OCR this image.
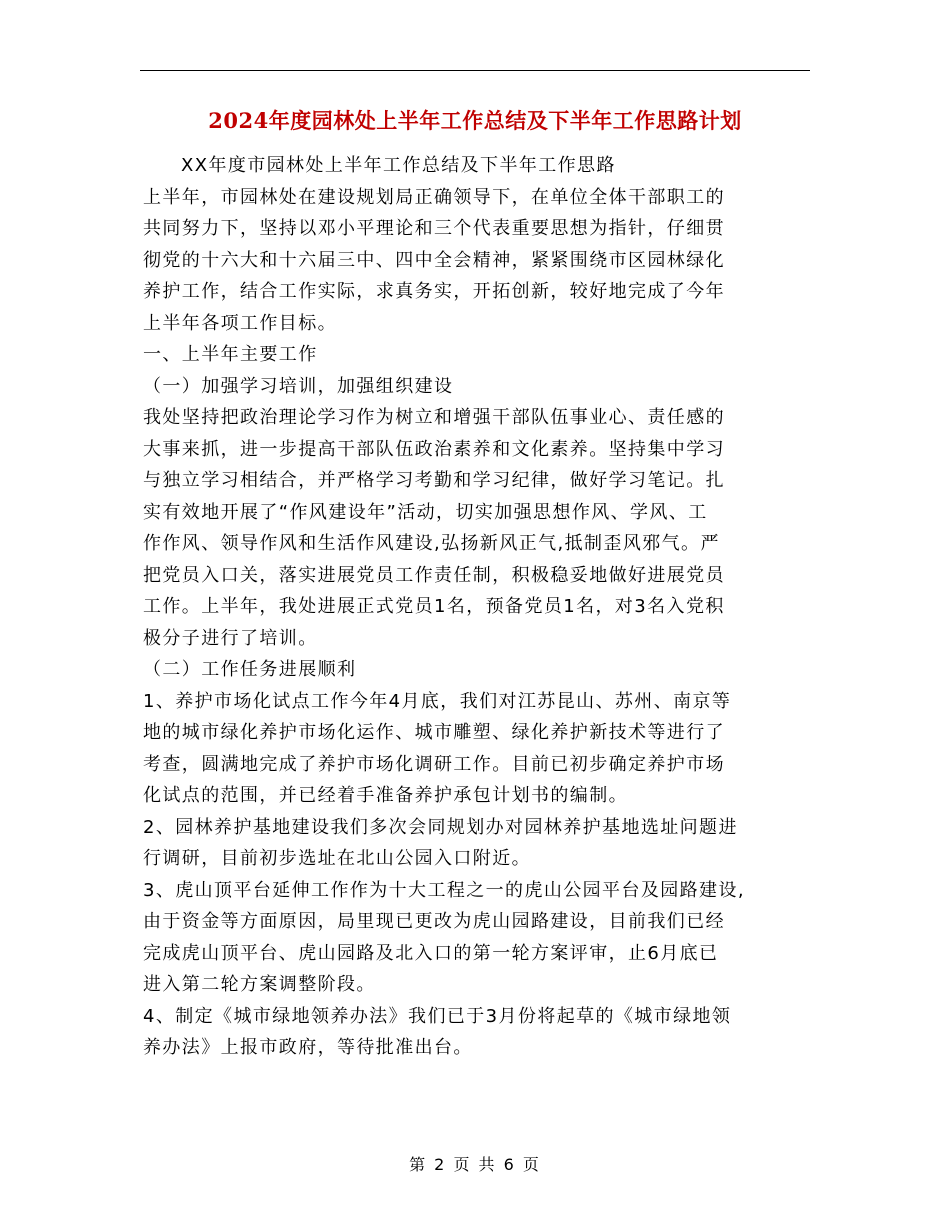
2024年度园林处上半年工作总结及下半年工作思路计划

XX年度市园林处上半年工作总结及下半年工作思路

上半年，市园林处在建设规划局正确领导下，在单位全体干部职工的

共同努力下，坚持以邓小平理论和三个代表重要思想为指针，仔细贯

彻党的十六大和十六届三中、四中全会精神，紧紧围绕市区园林绿化

养护工作，结合工作实际，求真务实，开拓创新，较好地完成了今年

上半年各项工作目标。

一、上半年主要工作

（一）加强学习培训，加强组织建设

我处坚持把政治理论学习作为树立和增强干部队伍事业心、责任感的

大事来抓，进一步提高干部队伍政治素养和文化素养。坚持集中学习

与独立学习相结合，并严格学习考勤和学习纪律，做好学习笔记。扎

实有效地开展了“作风建设年”活动，切实加强思想作风、学风、工

作作风、领导作风和生活作风建设,弘扬新风正气,抵制歪风邪气。严

把党员入口关，落实进展党员工作责任制，积极稳妥地做好进展党员

工作。上半年，我处进展正式党员1名，预备党员1名，对3名入党积

极分子进行了培训。

（二）工作任务进展顺利

1、养护市场化试点工作今年4月底，我们对江苏昆山、苏州、南京等

地的城市绿化养护市场化运作、城市雕塑、绿化养护新技术等进行了

考查，圆满地完成了养护市场化调研工作。目前已初步确定养护市场

化试点的范围，并已经着手准备养护承包计划书的编制。

2、园林养护基地建设我们多次会同规划办对园林养护基地选址问题进

行调研，目前初步选址在北山公园入口附近。

3、虎山顶平台延伸工作作为十大工程之一的虎山公园平台及园路建设,

由于资金等方面原因，局里现已更改为虎山园路建设，目前我们已经

完成虎山顶平台、虎山园路及北入口的第一轮方案评审，止6月底已

进入第二轮方案调整阶段。

4、制定《城市绿地领养办法》我们已于3月份将起草的《城市绿地领

养办法》上报市政府，等待批准出台。

第 2 页 共 6 页
